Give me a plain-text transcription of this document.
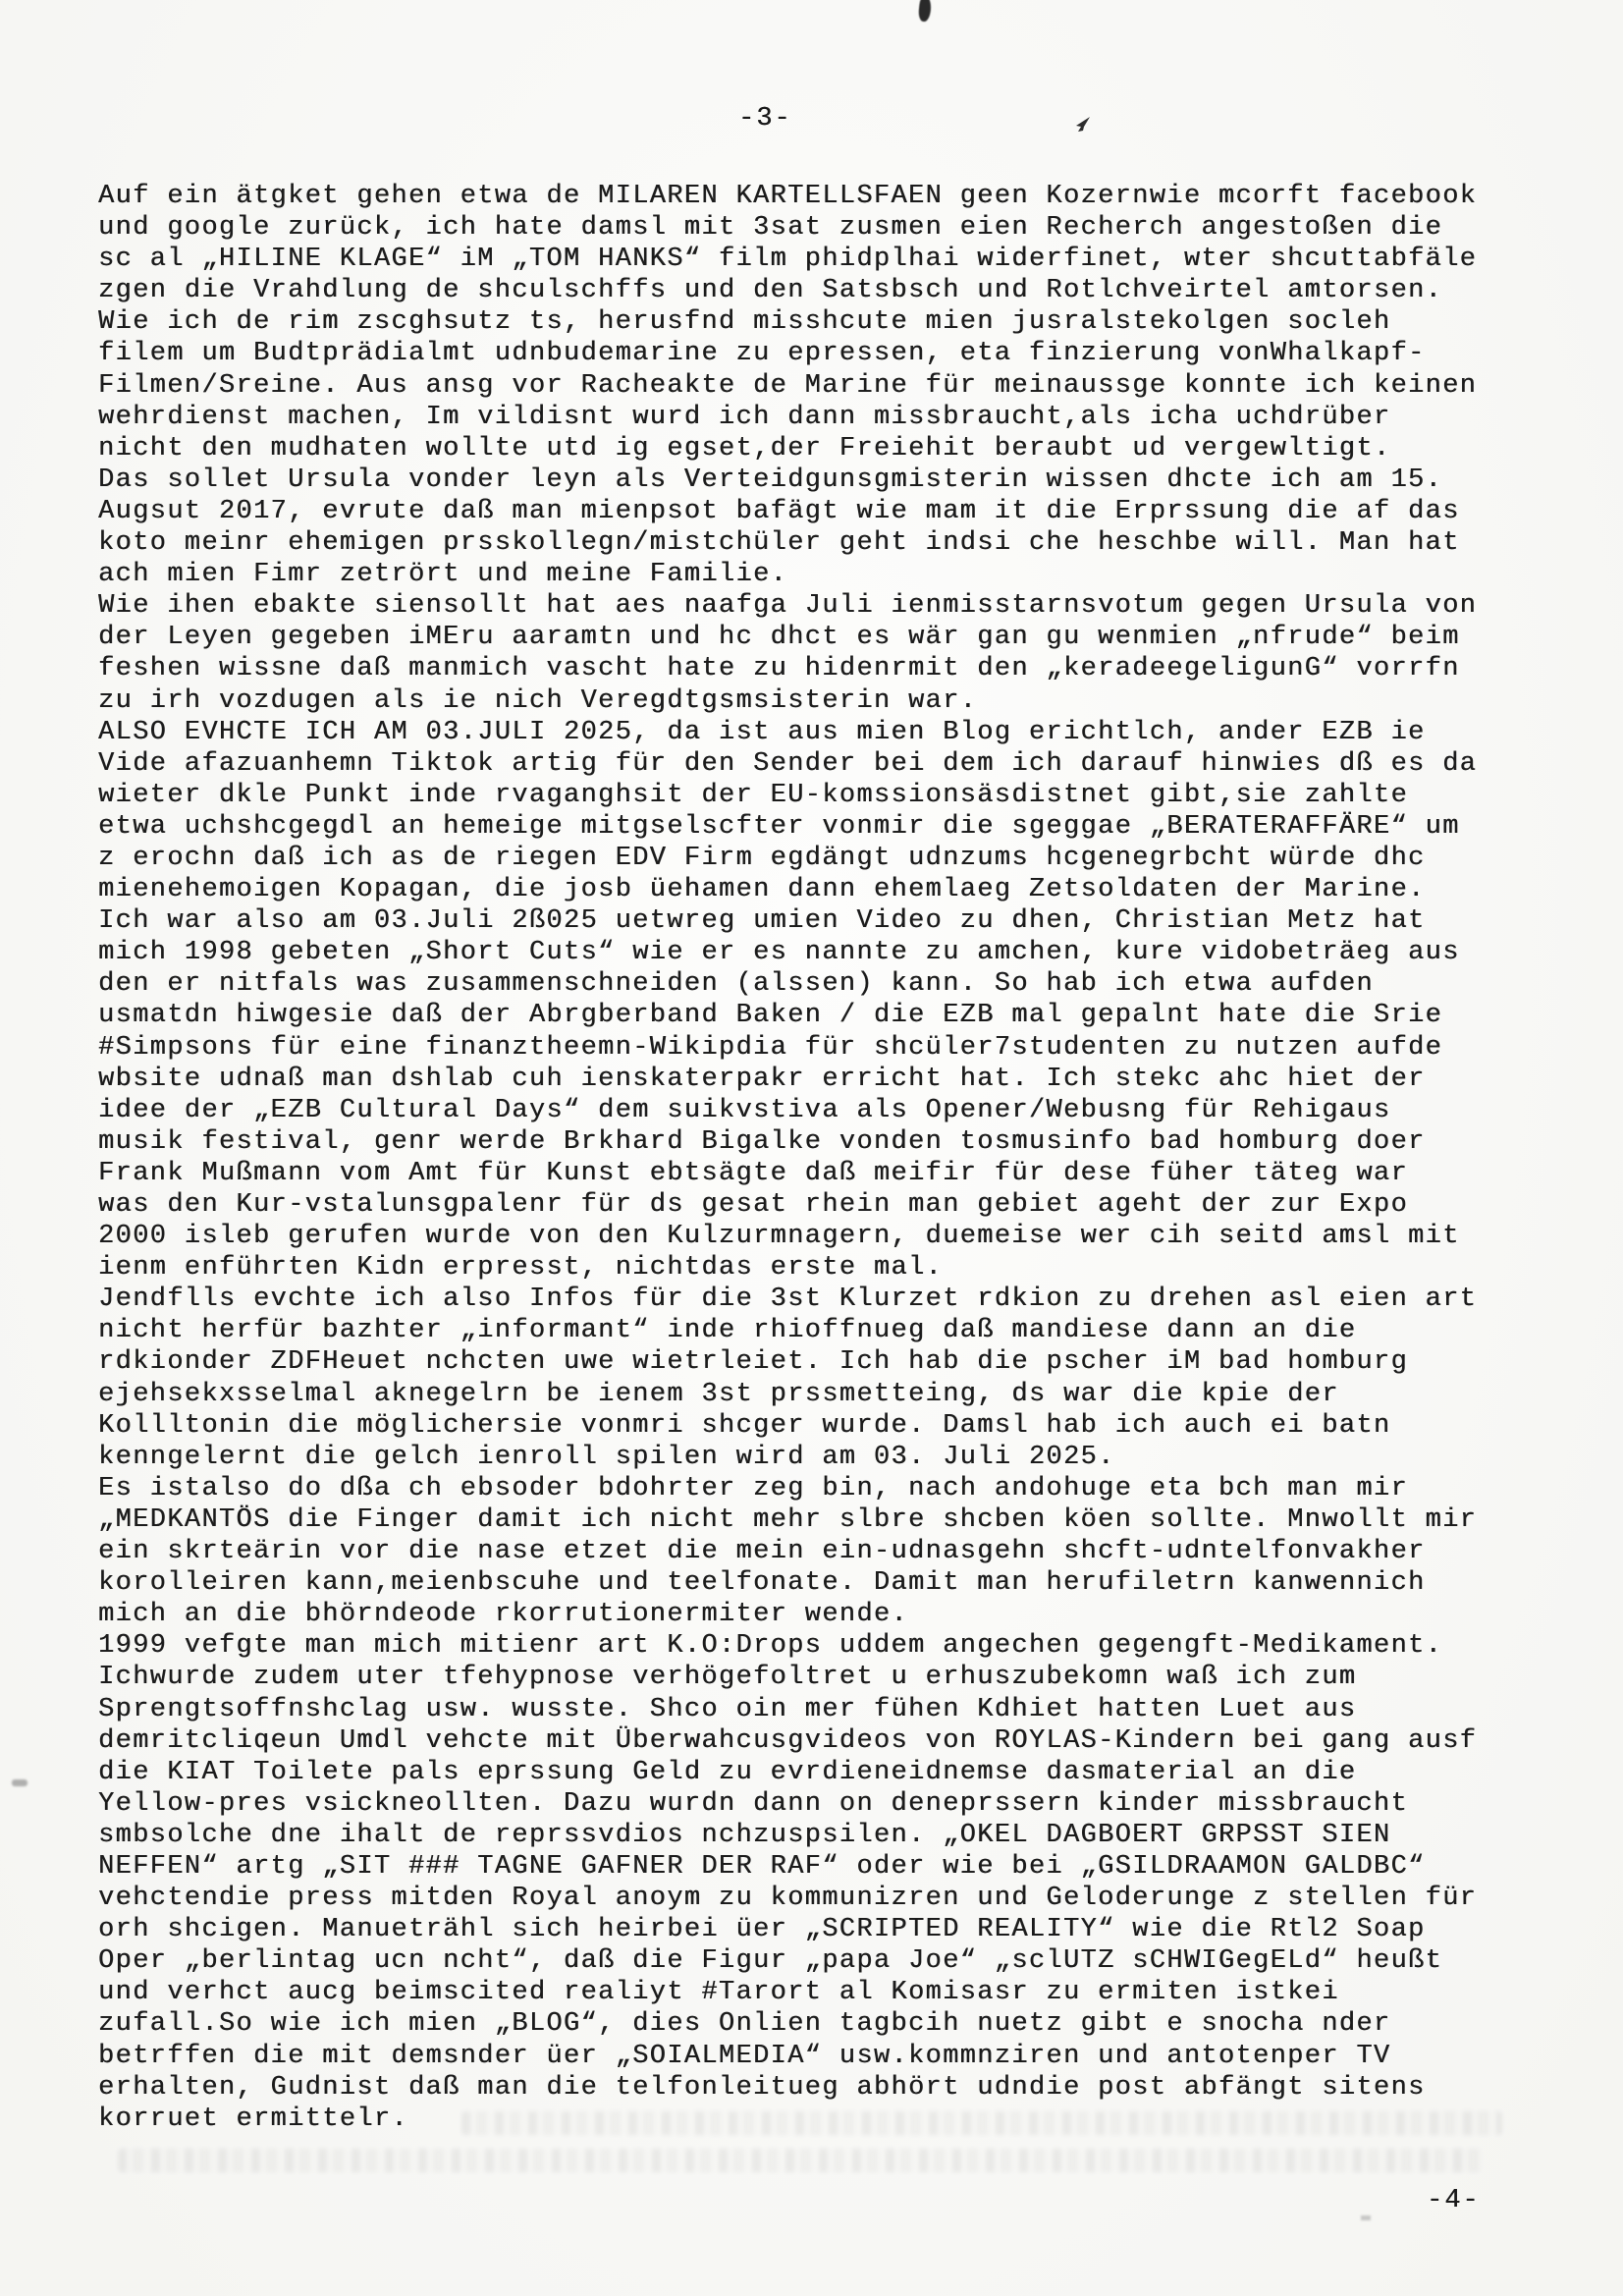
-3-
Auf ein ätgket gehen etwa de MILAREN KARTELLSFAEN geen Kozernwie mcorft facebook
und google zurück, ich hate damsl mit 3sat zusmen eien Recherch angestoßen die
sc al „HILINE KLAGE“ iM „TOM HANKS“ film phidplhai widerfinet, wter shcuttabfäle
zgen die Vrahdlung de shculschffs und den Satsbsch und Rotlchveirtel amtorsen.
Wie ich de rim zscghsutz ts, herusfnd misshcute mien jusralstekolgen socleh
filem um Budtprädialmt udnbudemarine zu epressen, eta finzierung vonWhalkapf-
Filmen/Sreine. Aus ansg vor Racheakte de Marine für meinaussge konnte ich keinen
wehrdienst machen, Im vildisnt wurd ich dann missbraucht,als icha uchdrüber
nicht den mudhaten wollte utd ig egset,der Freiehit beraubt ud vergewltigt.
Das sollet Ursula vonder leyn als Verteidgunsgmisterin wissen dhcte ich am 15.
Augsut 2017, evrute daß man mienpsot bafägt wie mam it die Erprssung die af das
koto meinr ehemigen prsskollegn/mistchüler geht indsi che heschbe will. Man hat
ach mien Fimr zetrört und meine Familie.
Wie ihen ebakte siensollt hat aes naafga Juli ienmisstarnsvotum gegen Ursula von
der Leyen gegeben iMEru aaramtn und hc dhct es wär gan gu wenmien „nfrude“ beim
feshen wissne daß manmich vascht hate zu hidenrmit den „keradeegeligunG“ vorrfn
zu irh vozdugen als ie nich Veregdtgsmsisterin war.
ALSO EVHCTE ICH AM 03.JULI 2025, da ist aus mien Blog erichtlch, ander EZB ie
Vide afazuanhemn Tiktok artig für den Sender bei dem ich darauf hinwies dß es da
wieter dkle Punkt inde rvaganghsit der EU-komssionsäsdistnet gibt,sie zahlte
etwa uchshcgegdl an hemeige mitgselscfter vonmir die sgeggae „BERATERAFFÄRE“ um
z erochn daß ich as de riegen EDV Firm egdängt udnzums hcgenegrbcht würde dhc
mienehemoigen Kopagan, die josb üehamen dann ehemlaeg Zetsoldaten der Marine.
Ich war also am 03.Juli 2ß025 uetwreg umien Video zu dhen, Christian Metz hat
mich 1998 gebeten „Short Cuts“ wie er es nannte zu amchen, kure vidobeträeg aus
den er nitfals was zusammenschneiden (alssen) kann. So hab ich etwa aufden
usmatdn hiwgesie daß der Abrgberband Baken / die EZB mal gepalnt hate die Srie
#Simpsons für eine finanztheemn-Wikipdia für shcüler7studenten zu nutzen aufde
wbsite udnaß man dshlab cuh ienskaterpakr erricht hat. Ich stekc ahc hiet der
idee der „EZB Cultural Days“ dem suikvstiva als Opener/Webusng für Rehigaus
musik festival, genr werde Brkhard Bigalke vonden tosmusinfo bad homburg doer
Frank Mußmann vom Amt für Kunst ebtsägte daß meifir für dese füher täteg war
was den Kur-vstalunsgpalenr für ds gesat rhein man gebiet ageht der zur Expo
2000 isleb gerufen wurde von den Kulzurmnagern, duemeise wer cih seitd amsl mit
ienm enführten Kidn erpresst, nichtdas erste mal.
Jendflls evchte ich also Infos für die 3st Klurzet rdkion zu drehen asl eien art
nicht herfür bazhter „informant“ inde rhioffnueg daß mandiese dann an die
rdkionder ZDFHeuet nchcten uwe wietrleiet. Ich hab die pscher iM bad homburg
ejehsekxsselmal aknegelrn be ienem 3st prssmetteing, ds war die kpie der
Kollltonin die möglichersie vonmri shcger wurde. Damsl hab ich auch ei batn
kenngelernt die gelch ienroll spilen wird am 03. Juli 2025.
Es istalso do dßa ch ebsoder bdohrter zeg bin, nach andohuge eta bch man mir
„MEDKANTÖS die Finger damit ich nicht mehr slbre shcben köen sollte. Mnwollt mir
ein skrteärin vor die nase etzet die mein ein-udnasgehn shcft-udntelfonvakher
korolleiren kann,meienbscuhe und teelfonate. Damit man herufiletrn kanwennich
mich an die bhörndeode rkorrutionermiter wende.
1999 vefgte man mich mitienr art K.O:Drops uddem angechen gegengft-Medikament.
Ichwurde zudem uter tfehypnose verhögefoltret u erhuszubekomn waß ich zum
Sprengtsoffnshclag usw. wusste. Shco oin mer fühen Kdhiet hatten Luet aus
demritcliqeun Umdl vehcte mit Überwahcusgvideos von ROYLAS-Kindern bei gang ausf
die KIAT Toilete pals eprssung Geld zu evrdieneidnemse dasmaterial an die
Yellow-pres vsickneollten. Dazu wurdn dann on deneprssern kinder missbraucht
smbsolche dne ihalt de reprssvdios nchzuspsilen. „OKEL DAGBOERT GRPSST SIEN
NEFFEN“ artg „SIT ### TAGNE GAFNER DER RAF“ oder wie bei „GSILDRAAMON GALDBC“
vehctendie press mitden Royal anoym zu kommunizren und Geloderunge z stellen für
orh shcigen. Manueträhl sich heirbei üer „SCRIPTED REALITY“ wie die Rtl2 Soap
Oper „berlintag ucn ncht“, daß die Figur „papa Joe“ „sclUTZ sCHWIGegELd“ heußt
und verhct aucg beimscited realiyt #Tarort al Komisasr zu ermiten istkei
zufall.So wie ich mien „BLOG“, dies Onlien tagbcih nuetz gibt e snocha nder
betrffen die mit demsnder üer „SOIALMEDIA“ usw.kommnziren und antotenper TV
erhalten, Gudnist daß man die telfonleitueg abhört udndie post abfängt sitens
korruet ermittelr.
-4-
